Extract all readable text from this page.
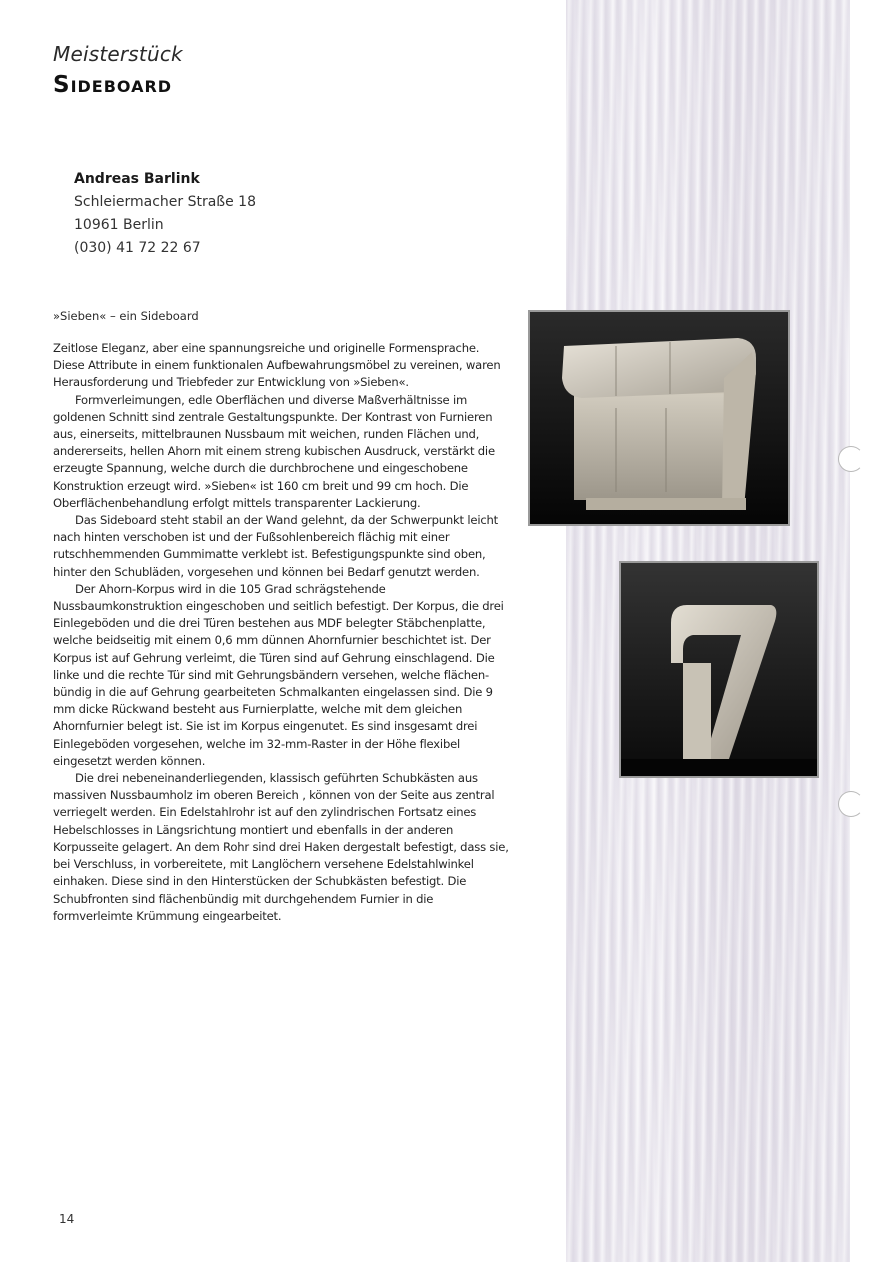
Meisterstück
Sideboard
Andreas Barlink
Schleiermacher Straße 18
10961 Berlin
(030) 41 72 22 67
»Sieben« – ein Sideboard

Zeitlose Eleganz, aber eine spannungsreiche und originelle Formensprache. Diese Attribute in einem funktionalen Aufbewahrungsmöbel zu vereinen, waren Herausforderung und Triebfeder zur Entwicklung von »Sieben«.

Formverleimungen, edle Oberflächen und diverse Maßverhältnisse im goldenen Schnitt sind zentrale Gestaltungspunkte. Der Kontrast von Furnieren aus, einerseits, mittelbraunen Nussbaum mit weichen, runden Flächen und, andererseits, hellen Ahorn mit einem streng kubischen Ausdruck, verstärkt die erzeugte Spannung, welche durch die durchbrochene und eingeschobene Konstruktion erzeugt wird. »Sieben« ist 160 cm breit und 99 cm hoch. Die Oberflächenbehandlung erfolgt mittels transparenter Lackierung.

Das Sideboard steht stabil an der Wand gelehnt, da der Schwerpunkt leicht nach hinten verschoben ist und der Fußsohlenbereich flächig mit einer rutschhemmenden Gummimatte verklebt ist. Befestigungspunkte sind oben, hinter den Schubläden, vorgesehen und können bei Bedarf genutzt werden.

Der Ahorn-Korpus wird in die 105 Grad schrägstehende Nussbaumkonstruktion eingeschoben und seitlich befestigt. Der Korpus, die drei Einlegeböden und die drei Türen bestehen aus MDF belegter Stäbchenplatte, welche beidseitig mit einem 0,6 mm dünnen Ahornfurnier beschichtet ist. Der Korpus ist auf Gehrung verleimt, die Türen sind auf Gehrung einschlagend. Die linke und die rechte Tür sind mit Gehrungsbändern versehen, welche flächen-bündig in die auf Gehrung gearbeiteten Schmalkanten eingelassen sind. Die 9 mm dicke Rückwand besteht aus Furnierplatte, welche mit dem gleichen Ahornfurnier belegt ist. Sie ist im Korpus eingenutet. Es sind insgesamt drei Einlegeböden vorgesehen, welche im 32-mm-Raster in der Höhe flexibel eingesetzt werden können.

Die drei nebeneinanderliegenden, klassisch geführten Schubkästen aus massiven Nussbaumholz im oberen Bereich , können von der Seite aus zentral verriegelt werden. Ein Edelstahlrohr ist auf den zylindrischen Fortsatz eines Hebelschlosses in Längsrichtung montiert und ebenfalls in der anderen Korpusseite gelagert. An dem Rohr sind drei Haken dergestalt befestigt, dass sie, bei Verschluss, in vorbereitete, mit Langlöchern versehene Edelstahlwinkel einhaken. Diese sind in den Hinterstücken der Schubkästen befestigt. Die Schubfronten sind flächenbündig mit durchgehendem Furnier in die formverleimte Krümmung eingearbeitet.

14
